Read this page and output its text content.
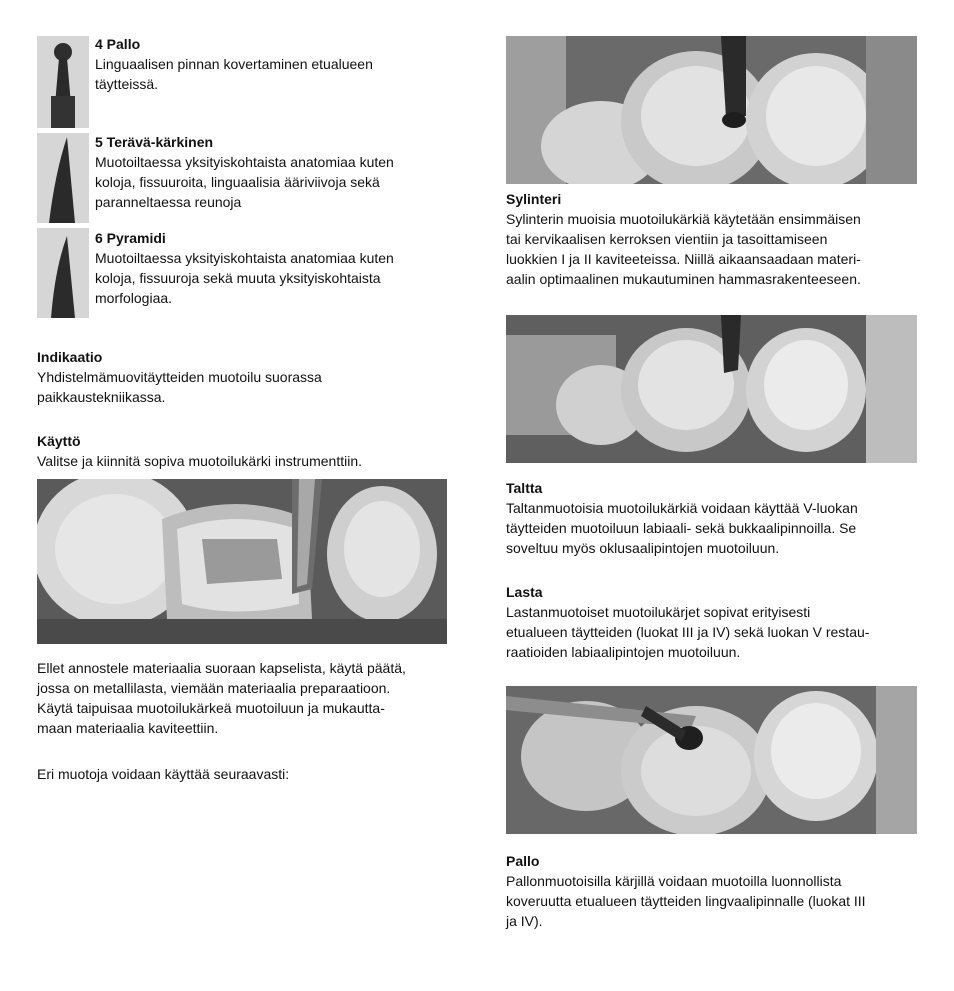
4 Pallo
Linguaalisen pinnan kovertaminen etualueen
täytteissä.
5 Terävä-kärkinen
Muotoiltaessa yksityiskohtaista anatomiaa kuten
koloja, fissuuroita, linguaalisia ääriviivoja sekä
paranneltaessa reunoja
6 Pyramidi
Muotoiltaessa yksityiskohtaista anatomiaa kuten
koloja, fissuuroja sekä muuta yksityiskohtaista
morfologiaa.
Indikaatio
Yhdistelmämuovitäytteiden muotoilu suorassa
paikkaustekniikassa.
Käyttö
Valitse ja kiinnitä sopiva muotoilukärki instrumenttiin.
Ellet annostele materiaalia suoraan kapselista, käytä päätä,
jossa on metallilasta, viemään materiaalia preparaatioon.
Käytä taipuisaa muotoilukärkeä muotoiluun ja mukautta-
maan materiaalia kaviteettiin.
Eri muotoja voidaan käyttää seuraavasti:
Sylinteri
Sylinterin muoisia muotoilukärkiä käytetään ensimmäisen
tai kervikaalisen kerroksen vientiin ja tasoittamiseen
luokkien I ja II kaviteeteissa. Niillä aikaansaadaan materi-
aalin optimaalinen mukautuminen hammasrakenteeseen.
Taltta
Taltanmuotoisia muotoilukärkiä voidaan käyttää V-luokan
täytteiden muotoiluun labiaali- sekä bukkaalipinnoilla. Se
soveltuu myös oklusaalipintojen muotoiluun.
Lasta
Lastanmuotoiset muotoilukärjet sopivat erityisesti
etualueen täytteiden (luokat III ja IV) sekä luokan V restau-
raatioiden labiaalipintojen muotoiluun.
Pallo
Pallonmuotoisilla kärjillä voidaan muotoilla luonnollista
koveruutta etualueen täytteiden lingvaalipinnalle (luokat III
ja IV).
